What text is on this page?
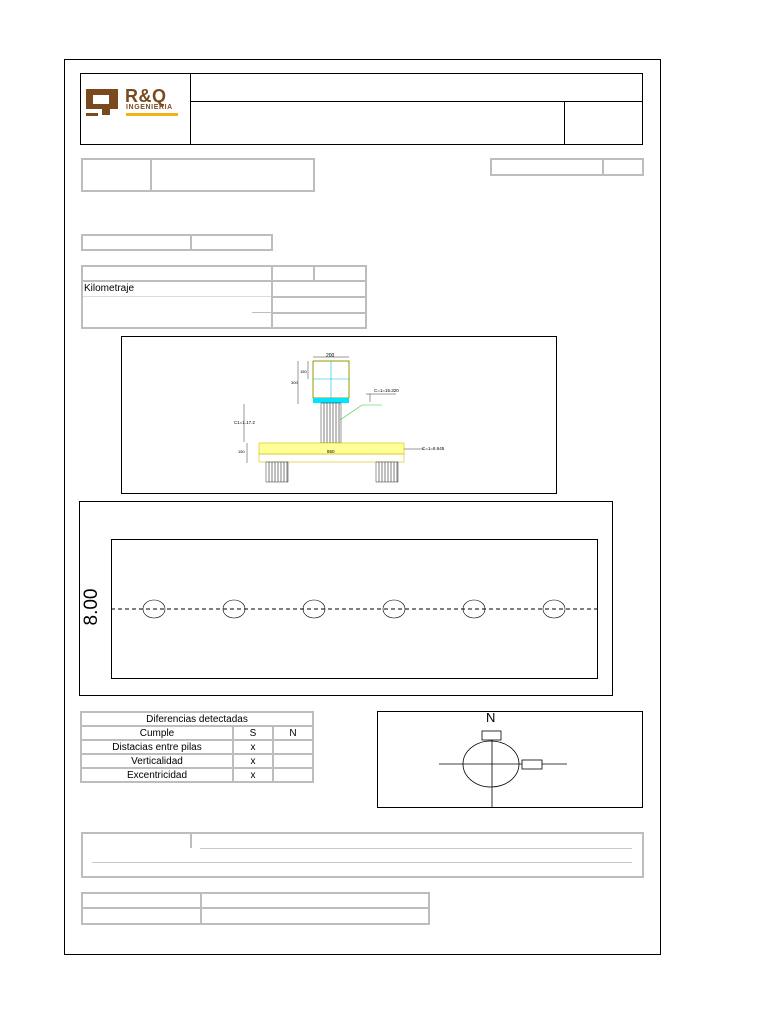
R&Q
INGENIERIA
Kilometraje
200
150
300
C=1=15.320
C1=1.17.2
850
150
C=1=8.645
8.00
Diferencias detectadas		
Cumple	S	N
Distacias entre pilas	x	
Verticalidad	x	
Excentricidad	x	
N
